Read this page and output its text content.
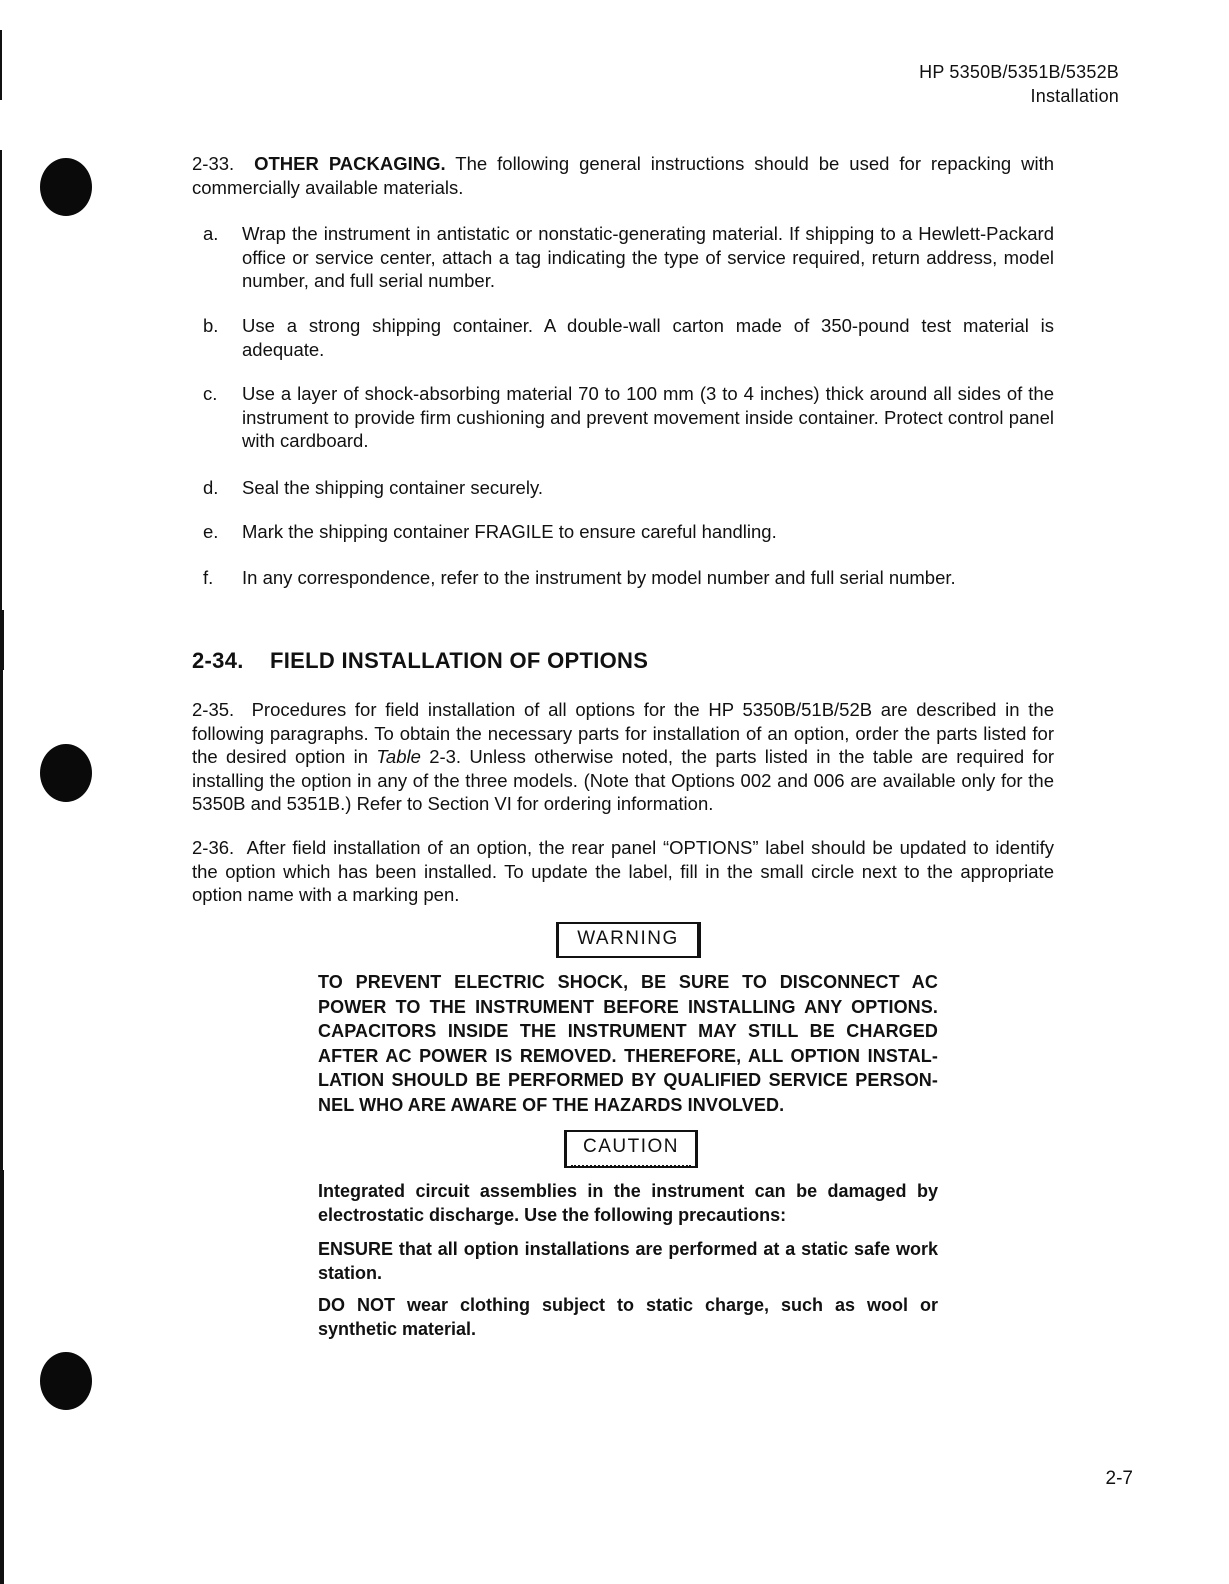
HP 5350B/5351B/5352B
Installation
2-33. OTHER PACKAGING. The following general instructions should be used for repacking with commercially available materials.
a. Wrap the instrument in antistatic or nonstatic-generating material. If shipping to a Hewlett-Packard office or service center, attach a tag indicating the type of service required, return address, model number, and full serial number.
b. Use a strong shipping container. A double-wall carton made of 350-pound test material is adequate.
c. Use a layer of shock-absorbing material 70 to 100 mm (3 to 4 inches) thick around all sides of the instrument to provide firm cushioning and prevent movement inside container. Protect control panel with cardboard.
d. Seal the shipping container securely.
e. Mark the shipping container FRAGILE to ensure careful handling.
f. In any correspondence, refer to the instrument by model number and full serial number.
2-34. FIELD INSTALLATION OF OPTIONS
2-35. Procedures for field installation of all options for the HP 5350B/51B/52B are described in the following paragraphs. To obtain the necessary parts for installation of an option, order the parts listed for the desired option in Table 2-3. Unless otherwise noted, the parts listed in the table are required for installing the option in any of the three models. (Note that Options 002 and 006 are available only for the 5350B and 5351B.) Refer to Section VI for ordering information.
2-36. After field installation of an option, the rear panel “OPTIONS” label should be updated to identify the option which has been installed. To update the label, fill in the small circle next to the appropriate option name with a marking pen.
WARNING
TO PREVENT ELECTRIC SHOCK, BE SURE TO DISCONNECT AC POWER TO THE INSTRUMENT BEFORE INSTALLING ANY OPTIONS. CAPACITORS INSIDE THE INSTRUMENT MAY STILL BE CHARGED AFTER AC POWER IS REMOVED. THEREFORE, ALL OPTION INSTAL-LATION SHOULD BE PERFORMED BY QUALIFIED SERVICE PERSON-NEL WHO ARE AWARE OF THE HAZARDS INVOLVED.
CAUTION
Integrated circuit assemblies in the instrument can be damaged by electrostatic discharge. Use the following precautions:
ENSURE that all option installations are performed at a static safe work station.
DO NOT wear clothing subject to static charge, such as wool or synthetic material.
2-7
